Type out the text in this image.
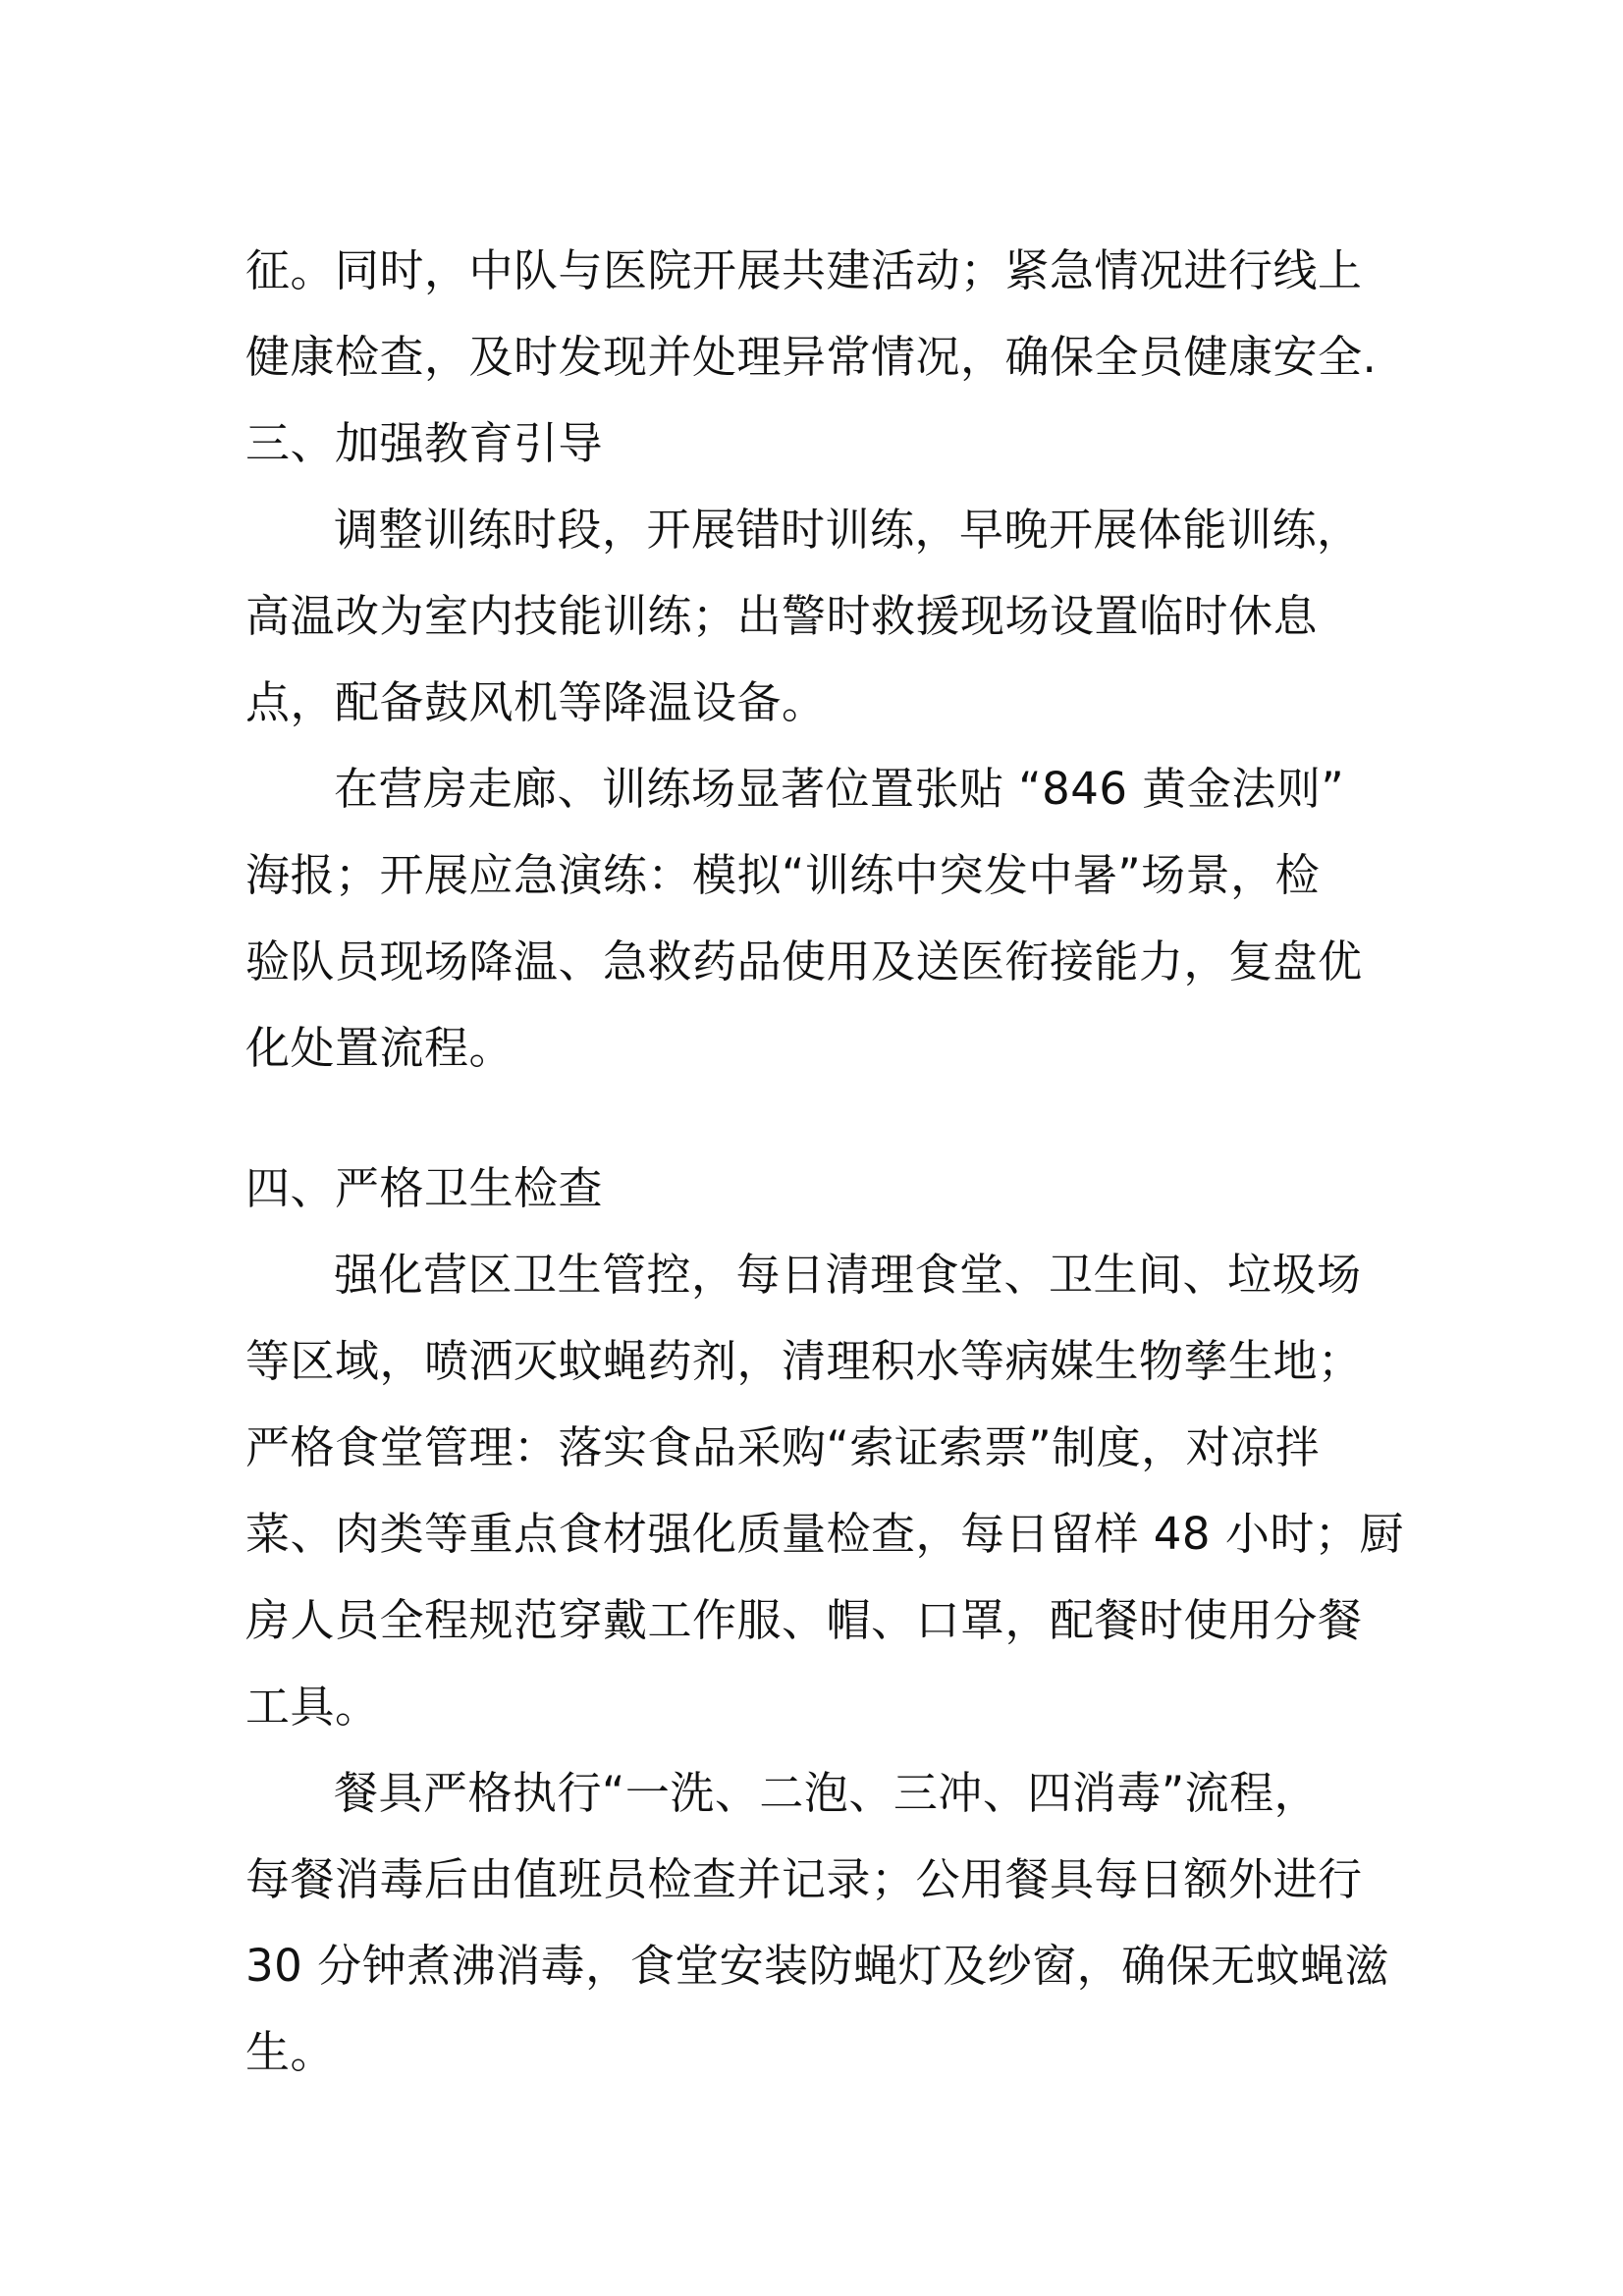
征。同时，中队与医院开展共建活动；紧急情况进行线上
健康检查，及时发现并处理异常情况，确保全员健康安全.
三、加强教育引导
调整训练时段，开展错时训练，早晚开展体能训练，
高温改为室内技能训练；出警时救援现场设置临时休息
点，配备鼓风机等降温设备。
在营房走廊、训练场显著位置张贴 “846 黄金法则”
海报；开展应急演练：模拟“训练中突发中暑”场景，检
验队员现场降温、急救药品使用及送医衔接能力，复盘优
化处置流程。
四、严格卫生检查
强化营区卫生管控，每日清理食堂、卫生间、垃圾场
等区域，喷洒灭蚊蝇药剂，清理积水等病媒生物孳生地；
严格食堂管理：落实食品采购“索证索票”制度，对凉拌
菜、肉类等重点食材强化质量检查，每日留样 48 小时；厨
房人员全程规范穿戴工作服、帽、口罩，配餐时使用分餐
工具。
餐具严格执行“一洗、二泡、三冲、四消毒”流程，
每餐消毒后由值班员检查并记录；公用餐具每日额外进行
30 分钟煮沸消毒，食堂安装防蝇灯及纱窗，确保无蚊蝇滋
生。
